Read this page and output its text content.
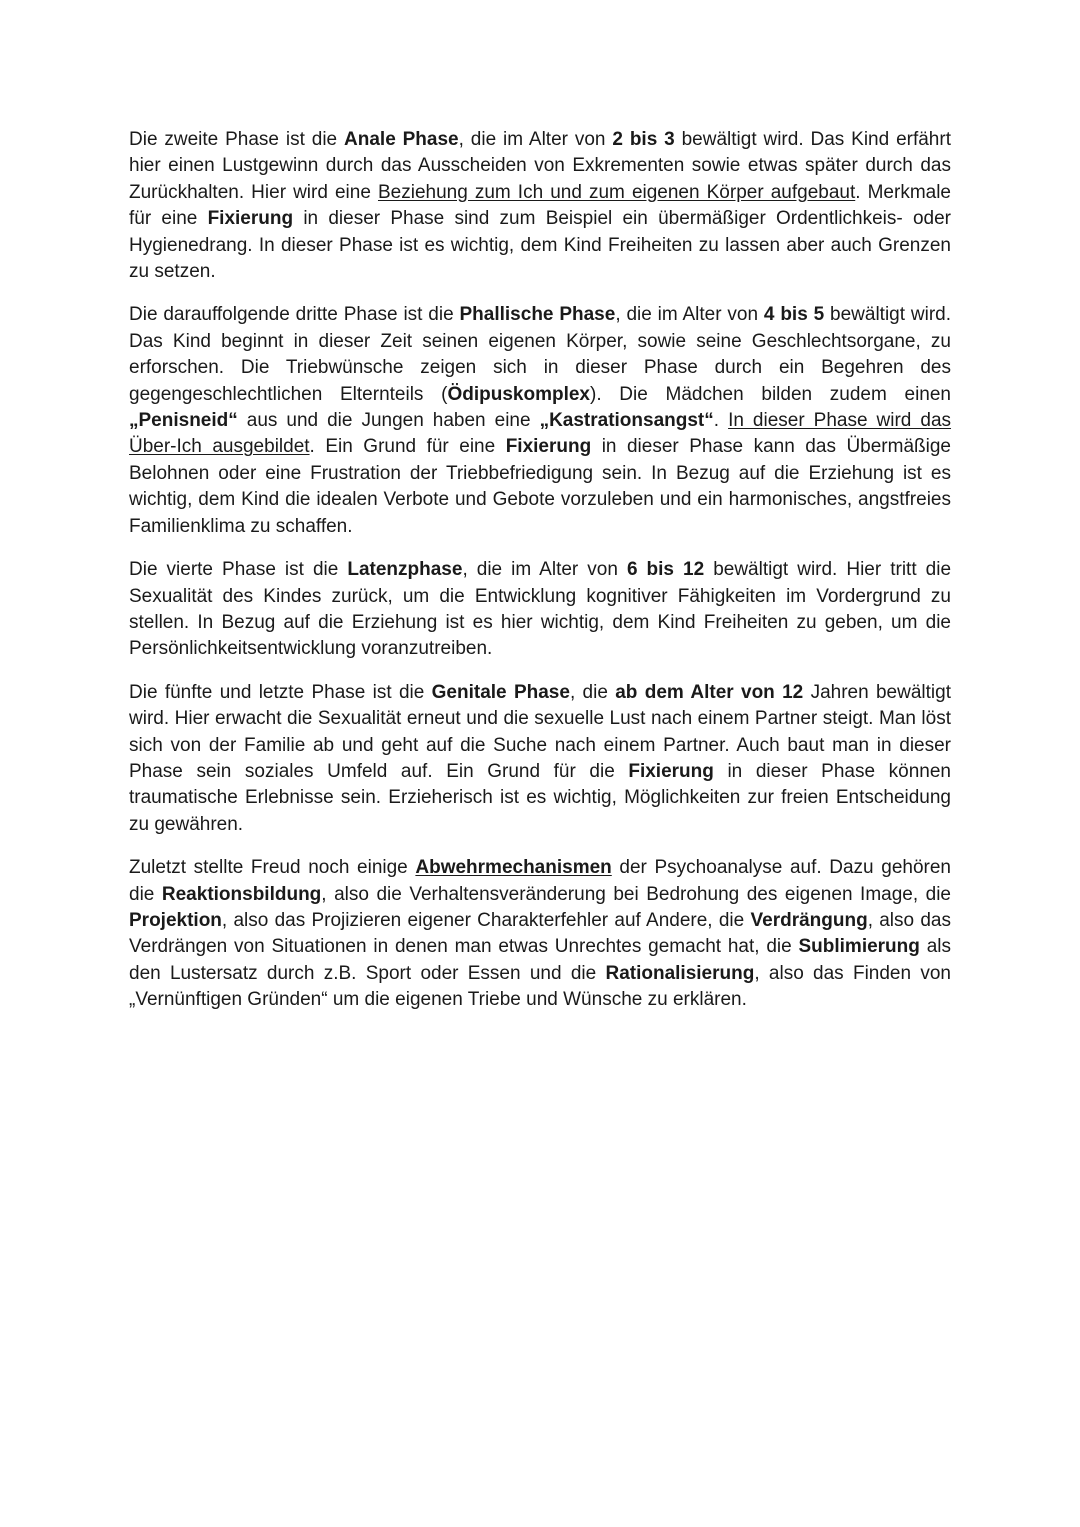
Die zweite Phase ist die Anale Phase, die im Alter von 2 bis 3 bewältigt wird. Das Kind erfährt hier einen Lustgewinn durch das Ausscheiden von Exkrementen sowie etwas später durch das Zurückhalten. Hier wird eine Beziehung zum Ich und zum eigenen Körper aufgebaut. Merkmale für eine Fixierung in dieser Phase sind zum Beispiel ein übermäßiger Ordentlichkeis- oder Hygienedrang. In dieser Phase ist es wichtig, dem Kind Freiheiten zu lassen aber auch Grenzen zu setzen.

Die darauffolgende dritte Phase ist die Phallische Phase, die im Alter von 4 bis 5 bewältigt wird. Das Kind beginnt in dieser Zeit seinen eigenen Körper, sowie seine Geschlechtsorgane, zu erforschen. Die Triebwünsche zeigen sich in dieser Phase durch ein Begehren des gegengeschlechtlichen Elternteils (Ödipuskomplex). Die Mädchen bilden zudem einen „Penisneid“ aus und die Jungen haben eine „Kastrationsangst“. In dieser Phase wird das Über-Ich ausgebildet. Ein Grund für eine Fixierung in dieser Phase kann das Übermäßige Belohnen oder eine Frustration der Triebbefriedigung sein. In Bezug auf die Erziehung ist es wichtig, dem Kind die idealen Verbote und Gebote vorzuleben und ein harmonisches, angstfreies Familienklima zu schaffen.

Die vierte Phase ist die Latenzphase, die im Alter von 6 bis 12 bewältigt wird. Hier tritt die Sexualität des Kindes zurück, um die Entwicklung kognitiver Fähigkeiten im Vordergrund zu stellen. In Bezug auf die Erziehung ist es hier wichtig, dem Kind Freiheiten zu geben, um die Persönlichkeitsentwicklung voranzutreiben.

Die fünfte und letzte Phase ist die Genitale Phase, die ab dem Alter von 12 Jahren bewältigt wird. Hier erwacht die Sexualität erneut und die sexuelle Lust nach einem Partner steigt. Man löst sich von der Familie ab und geht auf die Suche nach einem Partner. Auch baut man in dieser Phase sein soziales Umfeld auf. Ein Grund für die Fixierung in dieser Phase können traumatische Erlebnisse sein. Erzieherisch ist es wichtig, Möglichkeiten zur freien Entscheidung zu gewähren.

Zuletzt stellte Freud noch einige Abwehrmechanismen der Psychoanalyse auf. Dazu gehören die Reaktionsbildung, also die Verhaltensveränderung bei Bedrohung des eigenen Image, die Projektion, also das Projizieren eigener Charakterfehler auf Andere, die Verdrängung, also das Verdrängen von Situationen in denen man etwas Unrechtes gemacht hat, die Sublimierung als den Lustersatz durch z.B. Sport oder Essen und die Rationalisierung, also das Finden von „Vernünftigen Gründen“ um die eigenen Triebe und Wünsche zu erklären.
